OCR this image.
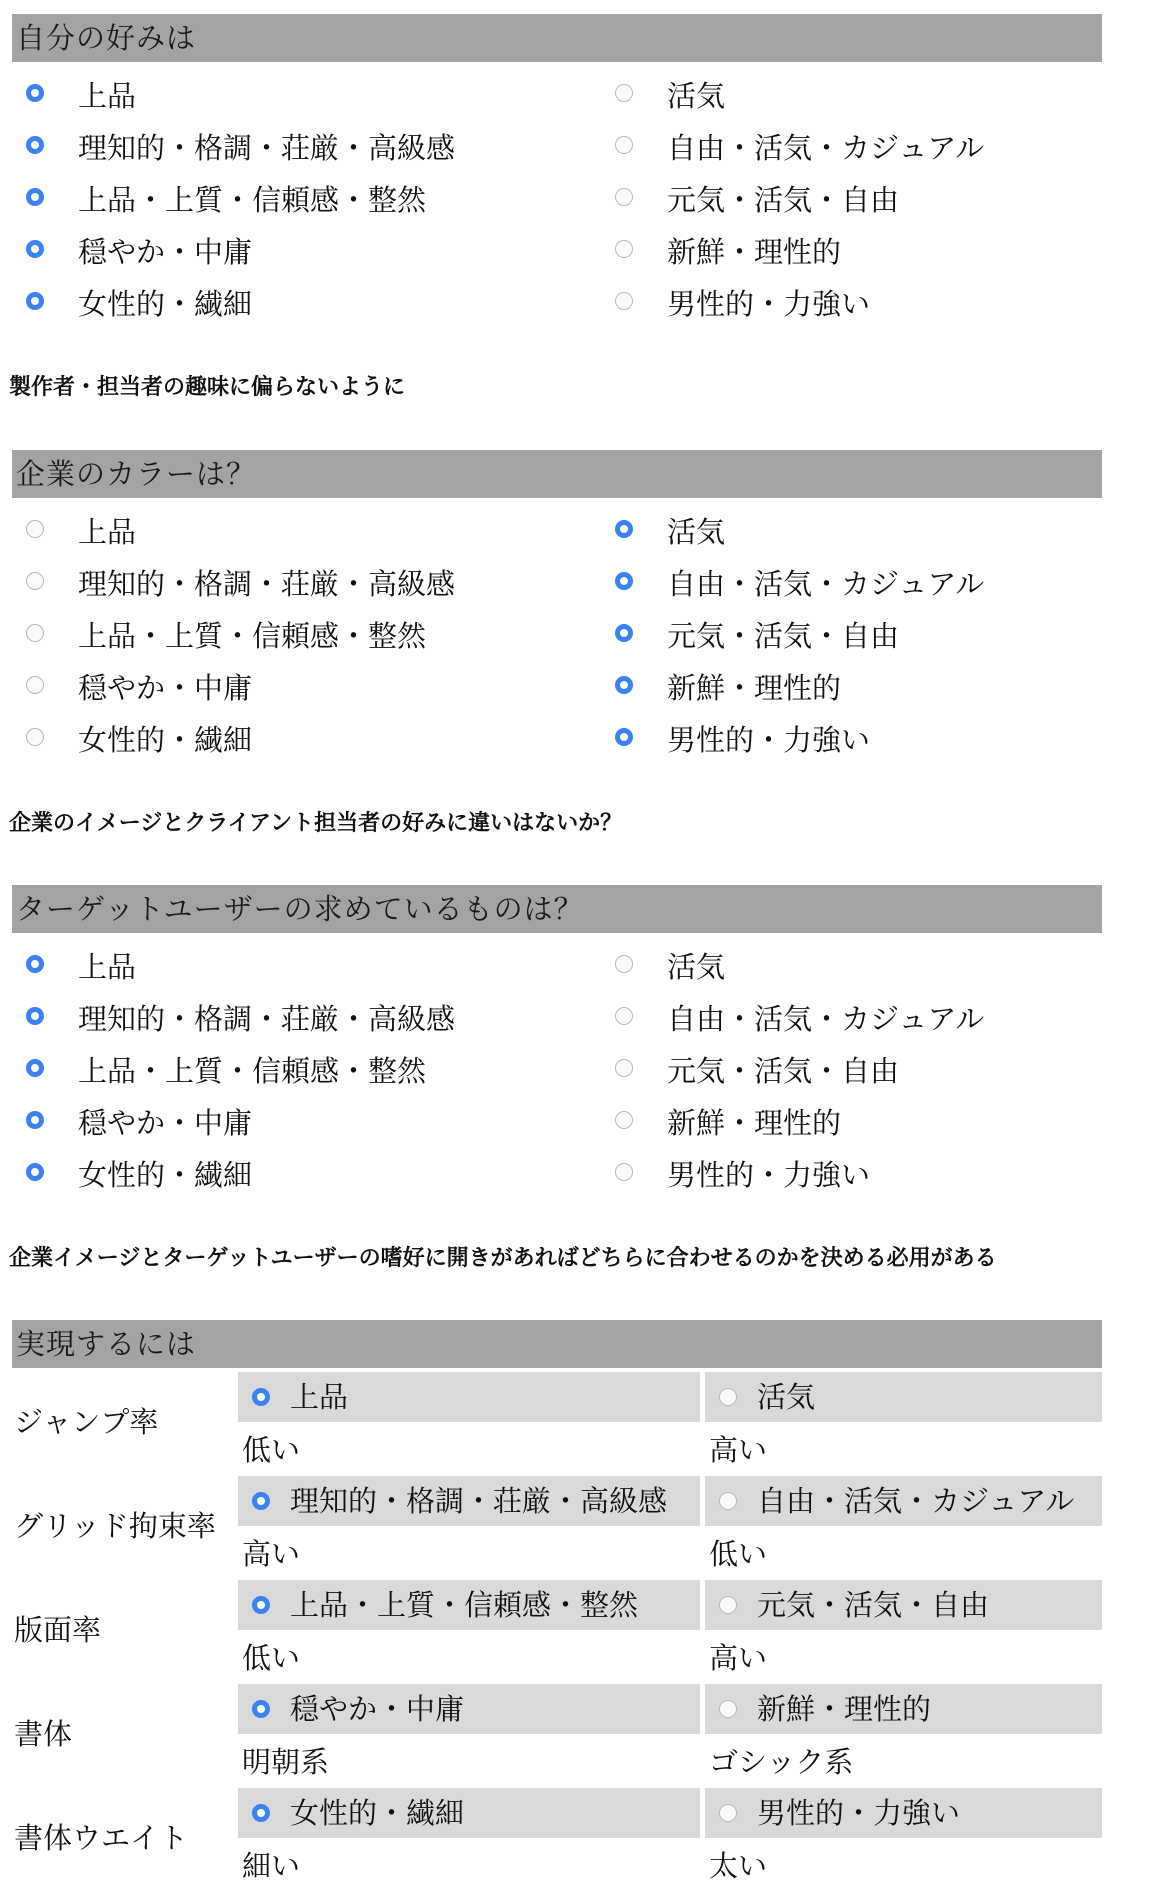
自分の好みは
上品
理知的・格調・荘厳・高級感
上品・上質・信頼感・整然
穏やか・中庸
女性的・繊細
活気
自由・活気・カジュアル
元気・活気・自由
新鮮・理性的
男性的・力強い
製作者・担当者の趣味に偏らないように
企業のカラーは？
上品
理知的・格調・荘厳・高級感
上品・上質・信頼感・整然
穏やか・中庸
女性的・繊細
活気
自由・活気・カジュアル
元気・活気・自由
新鮮・理性的
男性的・力強い
企業のイメージとクライアント担当者の好みに違いはないか？
ターゲットユーザーの求めているものは？
上品
理知的・格調・荘厳・高級感
上品・上質・信頼感・整然
穏やか・中庸
女性的・繊細
活気
自由・活気・カジュアル
元気・活気・自由
新鮮・理性的
男性的・力強い
企業イメージとターゲットユーザーの嗜好に開きがあればどちらに合わせるのかを決める必用がある
実現するには
ジャンプ率
上品
低い
活気
高い
グリッド拘束率
理知的・格調・荘厳・高級感
高い
自由・活気・カジュアル
低い
版面率
上品・上質・信頼感・整然
低い
元気・活気・自由
高い
書体
穏やか・中庸
明朝系
新鮮・理性的
ゴシック系
書体ウエイト
女性的・繊細
細い
男性的・力強い
太い
